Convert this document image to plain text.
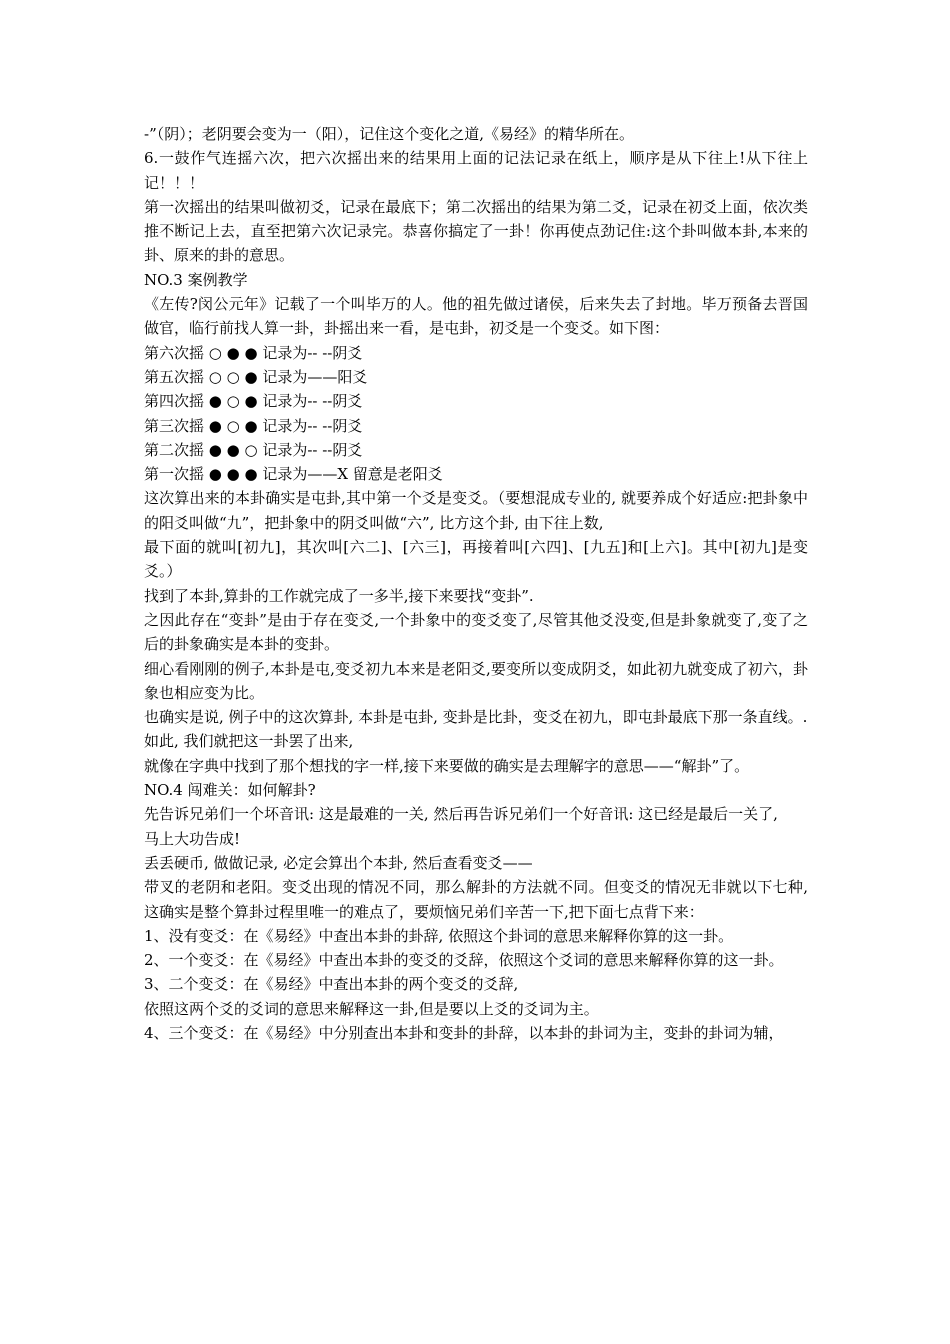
-”（阴）；老阴要会变为一（阳），记住这个变化之道,《易经》的精华所在。

6.一鼓作气连摇六次，把六次摇出来的结果用上面的记法记录在纸上，顺序是从下往上!从下往上记！！！

第一次摇出的结果叫做初爻，记录在最底下；第二次摇出的结果为第二爻，记录在初爻上面，依次类推不断记上去，直至把第六次记录完。恭喜你搞定了一卦！你再使点劲记住:这个卦叫做本卦,本来的卦、原来的卦的意思。

NO.3 案例教学

《左传?闵公元年》记载了一个叫毕万的人。他的祖先做过诸侯，后来失去了封地。毕万预备去晋国做官，临行前找人算一卦，卦摇出来一看，是屯卦，初爻是一个变爻。如下图：

第六次摇 ○ ● ● 记录为-- --阴爻

第五次摇 ○ ○ ● 记录为——阳爻

第四次摇 ● ○ ● 记录为-- --阴爻

第三次摇 ● ○ ● 记录为-- --阴爻

第二次摇 ● ● ○ 记录为-- --阴爻

第一次摇 ● ● ● 记录为——X 留意是老阳爻

这次算出来的本卦确实是屯卦,其中第一个爻是变爻。（要想混成专业的, 就要养成个好适应:把卦象中的阳爻叫做“九”，把卦象中的阴爻叫做“六”, 比方这个卦, 由下往上数,

最下面的就叫[初九]，其次叫[六二]、[六三]，再接着叫[六四]、[九五]和[上六]。其中[初九]是变爻。）

找到了本卦,算卦的工作就完成了一多半,接下来要找“变卦”.

之因此存在“变卦”是由于存在变爻,一个卦象中的变爻变了,尽管其他爻没变,但是卦象就变了,变了之后的卦象确实是本卦的变卦。

细心看刚刚的例子,本卦是屯,变爻初九本来是老阳爻,要变所以变成阴爻，如此初九就变成了初六，卦象也相应变为比。

也确实是说, 例子中的这次算卦, 本卦是屯卦, 变卦是比卦，变爻在初九，即屯卦最底下那一条直线。.

如此, 我们就把这一卦罢了出来,

就像在字典中找到了那个想找的字一样,接下来要做的确实是去理解字的意思——“解卦”了。

NO.4 闯难关：如何解卦?

先告诉兄弟们一个坏音讯: 这是最难的一关, 然后再告诉兄弟们一个好音讯: 这已经是最后一关了,

马上大功告成!

丢丢硬币, 做做记录, 必定会算出个本卦, 然后查看变爻——

带叉的老阴和老阳。变爻出现的情况不同，那么解卦的方法就不同。但变爻的情况无非就以下七种, 这确实是整个算卦过程里唯一的难点了，要烦恼兄弟们辛苦一下,把下面七点背下来：

1、没有变爻：在《易经》中查出本卦的卦辞, 依照这个卦词的意思来解释你算的这一卦。

2、一个变爻：在《易经》中查出本卦的变爻的爻辞，依照这个爻词的意思来解释你算的这一卦。

3、二个变爻：在《易经》中查出本卦的两个变爻的爻辞,

依照这两个爻的爻词的意思来解释这一卦,但是要以上爻的爻词为主。

4、三个变爻：在《易经》中分别查出本卦和变卦的卦辞，以本卦的卦词为主，变卦的卦词为辅，
